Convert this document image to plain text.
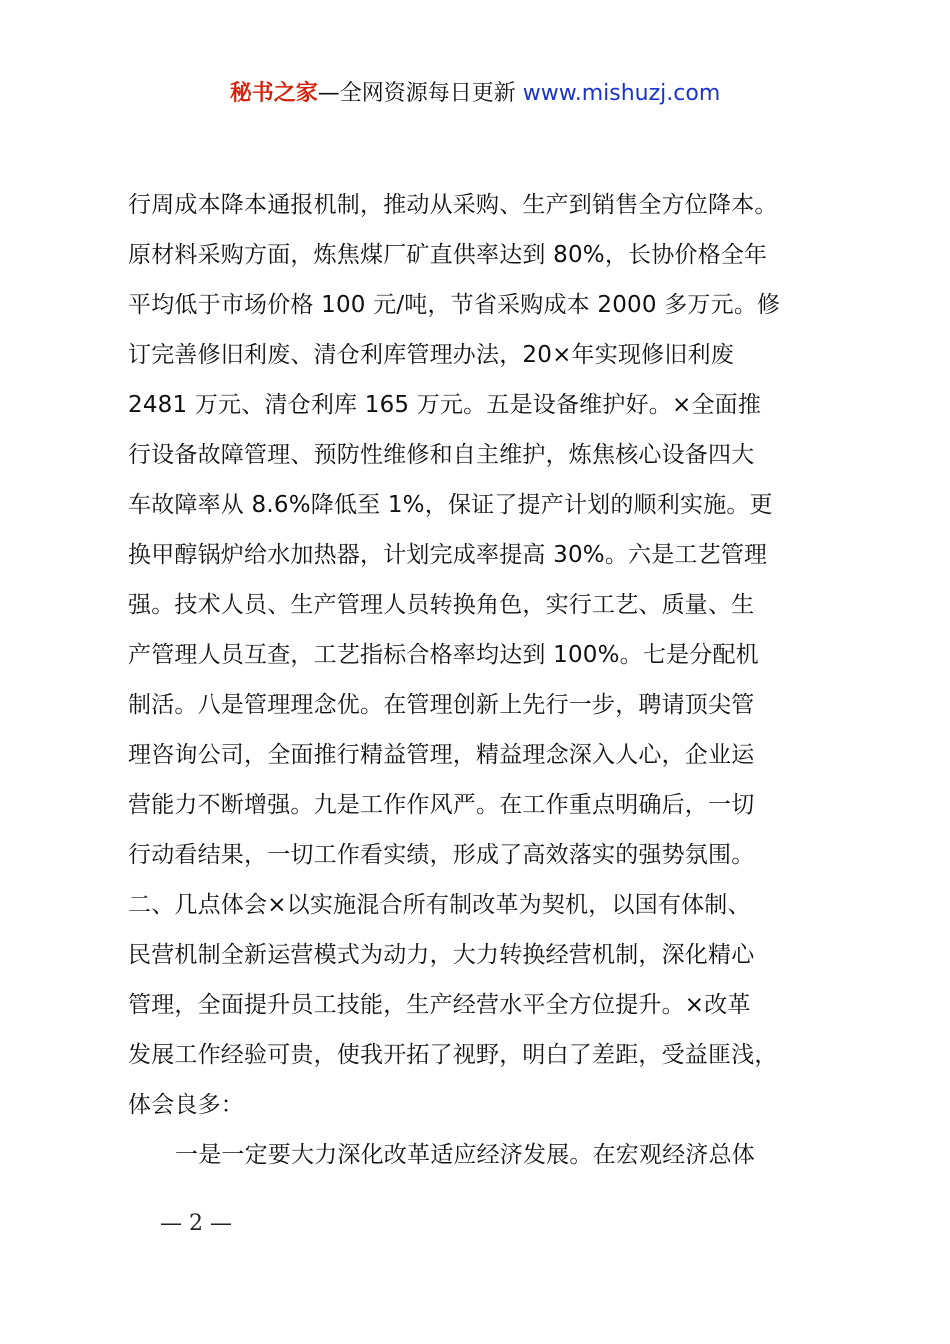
秘书之家—全网资源每日更新 www.mishuzj.com
行周成本降本通报机制，推动从采购、生产到销售全方位降本。
原材料采购方面，炼焦煤厂矿直供率达到 80%，长协价格全年
平均低于市场价格 100 元/吨，节省采购成本 2000 多万元。修
订完善修旧利废、清仓利库管理办法，20×年实现修旧利废
2481 万元、清仓利库 165 万元。五是设备维护好。×全面推
行设备故障管理、预防性维修和自主维护，炼焦核心设备四大
车故障率从 8.6%降低至 1%，保证了提产计划的顺利实施。更
换甲醇锅炉给水加热器，计划完成率提高 30%。六是工艺管理
强。技术人员、生产管理人员转换角色，实行工艺、质量、生
产管理人员互查，工艺指标合格率均达到 100%。七是分配机
制活。八是管理理念优。在管理创新上先行一步，聘请顶尖管
理咨询公司，全面推行精益管理，精益理念深入人心，企业运
营能力不断增强。九是工作作风严。在工作重点明确后，一切
行动看结果，一切工作看实绩，形成了高效落实的强势氛围。
二、几点体会×以实施混合所有制改革为契机，以国有体制、
民营机制全新运营模式为动力，大力转换经营机制，深化精心
管理，全面提升员工技能，生产经营水平全方位提升。×改革
发展工作经验可贵，使我开拓了视野，明白了差距，受益匪浅，
体会良多：
一是一定要大力深化改革适应经济发展。在宏观经济总体
— 2 —
